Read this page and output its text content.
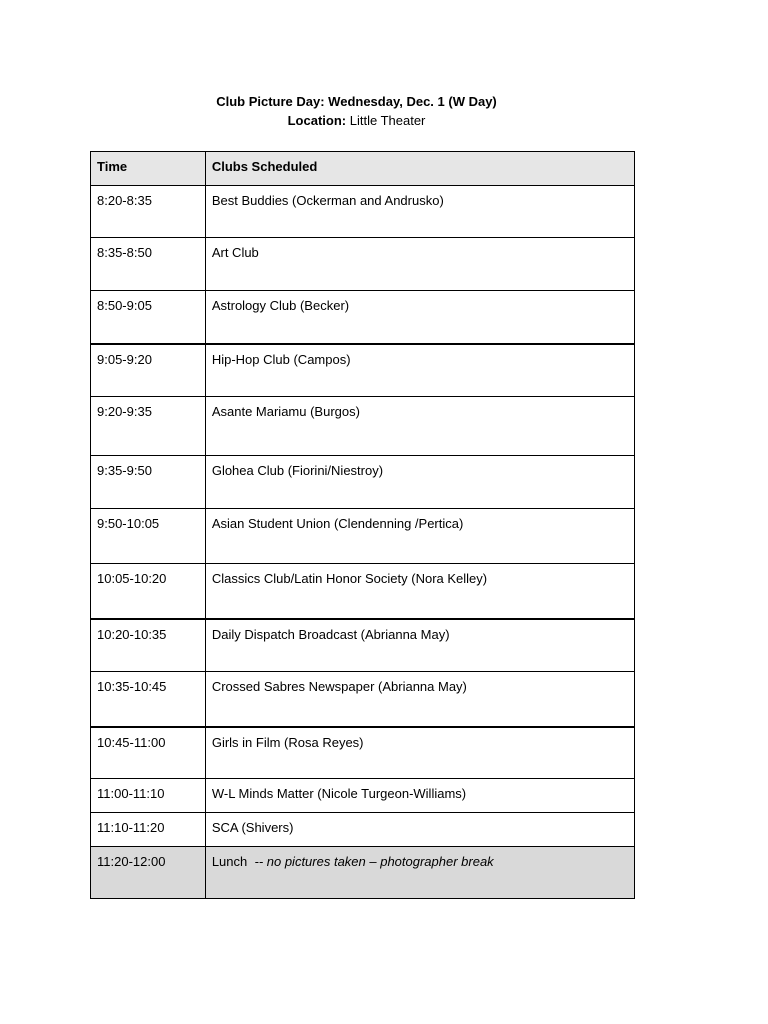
Club Picture Day: Wednesday, Dec. 1 (W Day)
Location: Little Theater
Time	Clubs Scheduled
8:20-8:35	Best Buddies (Ockerman and Andrusko)
8:35-8:50	Art Club
8:50-9:05	Astrology Club (Becker)
9:05-9:20	Hip-Hop Club (Campos)
9:20-9:35	Asante Mariamu (Burgos)
9:35-9:50	Glohea Club (Fiorini/Niestroy)
9:50-10:05	Asian Student Union (Clendenning /Pertica)
10:05-10:20	Classics Club/Latin Honor Society (Nora Kelley)
10:20-10:35	Daily Dispatch Broadcast (Abrianna May)
10:35-10:45	Crossed Sabres Newspaper (Abrianna May)
10:45-11:00	Girls in Film (Rosa Reyes)
11:00-11:10	W-L Minds Matter (Nicole Turgeon-Williams)
11:10-11:20	SCA (Shivers)
11:20-12:00	Lunch -- no pictures taken – photographer break
